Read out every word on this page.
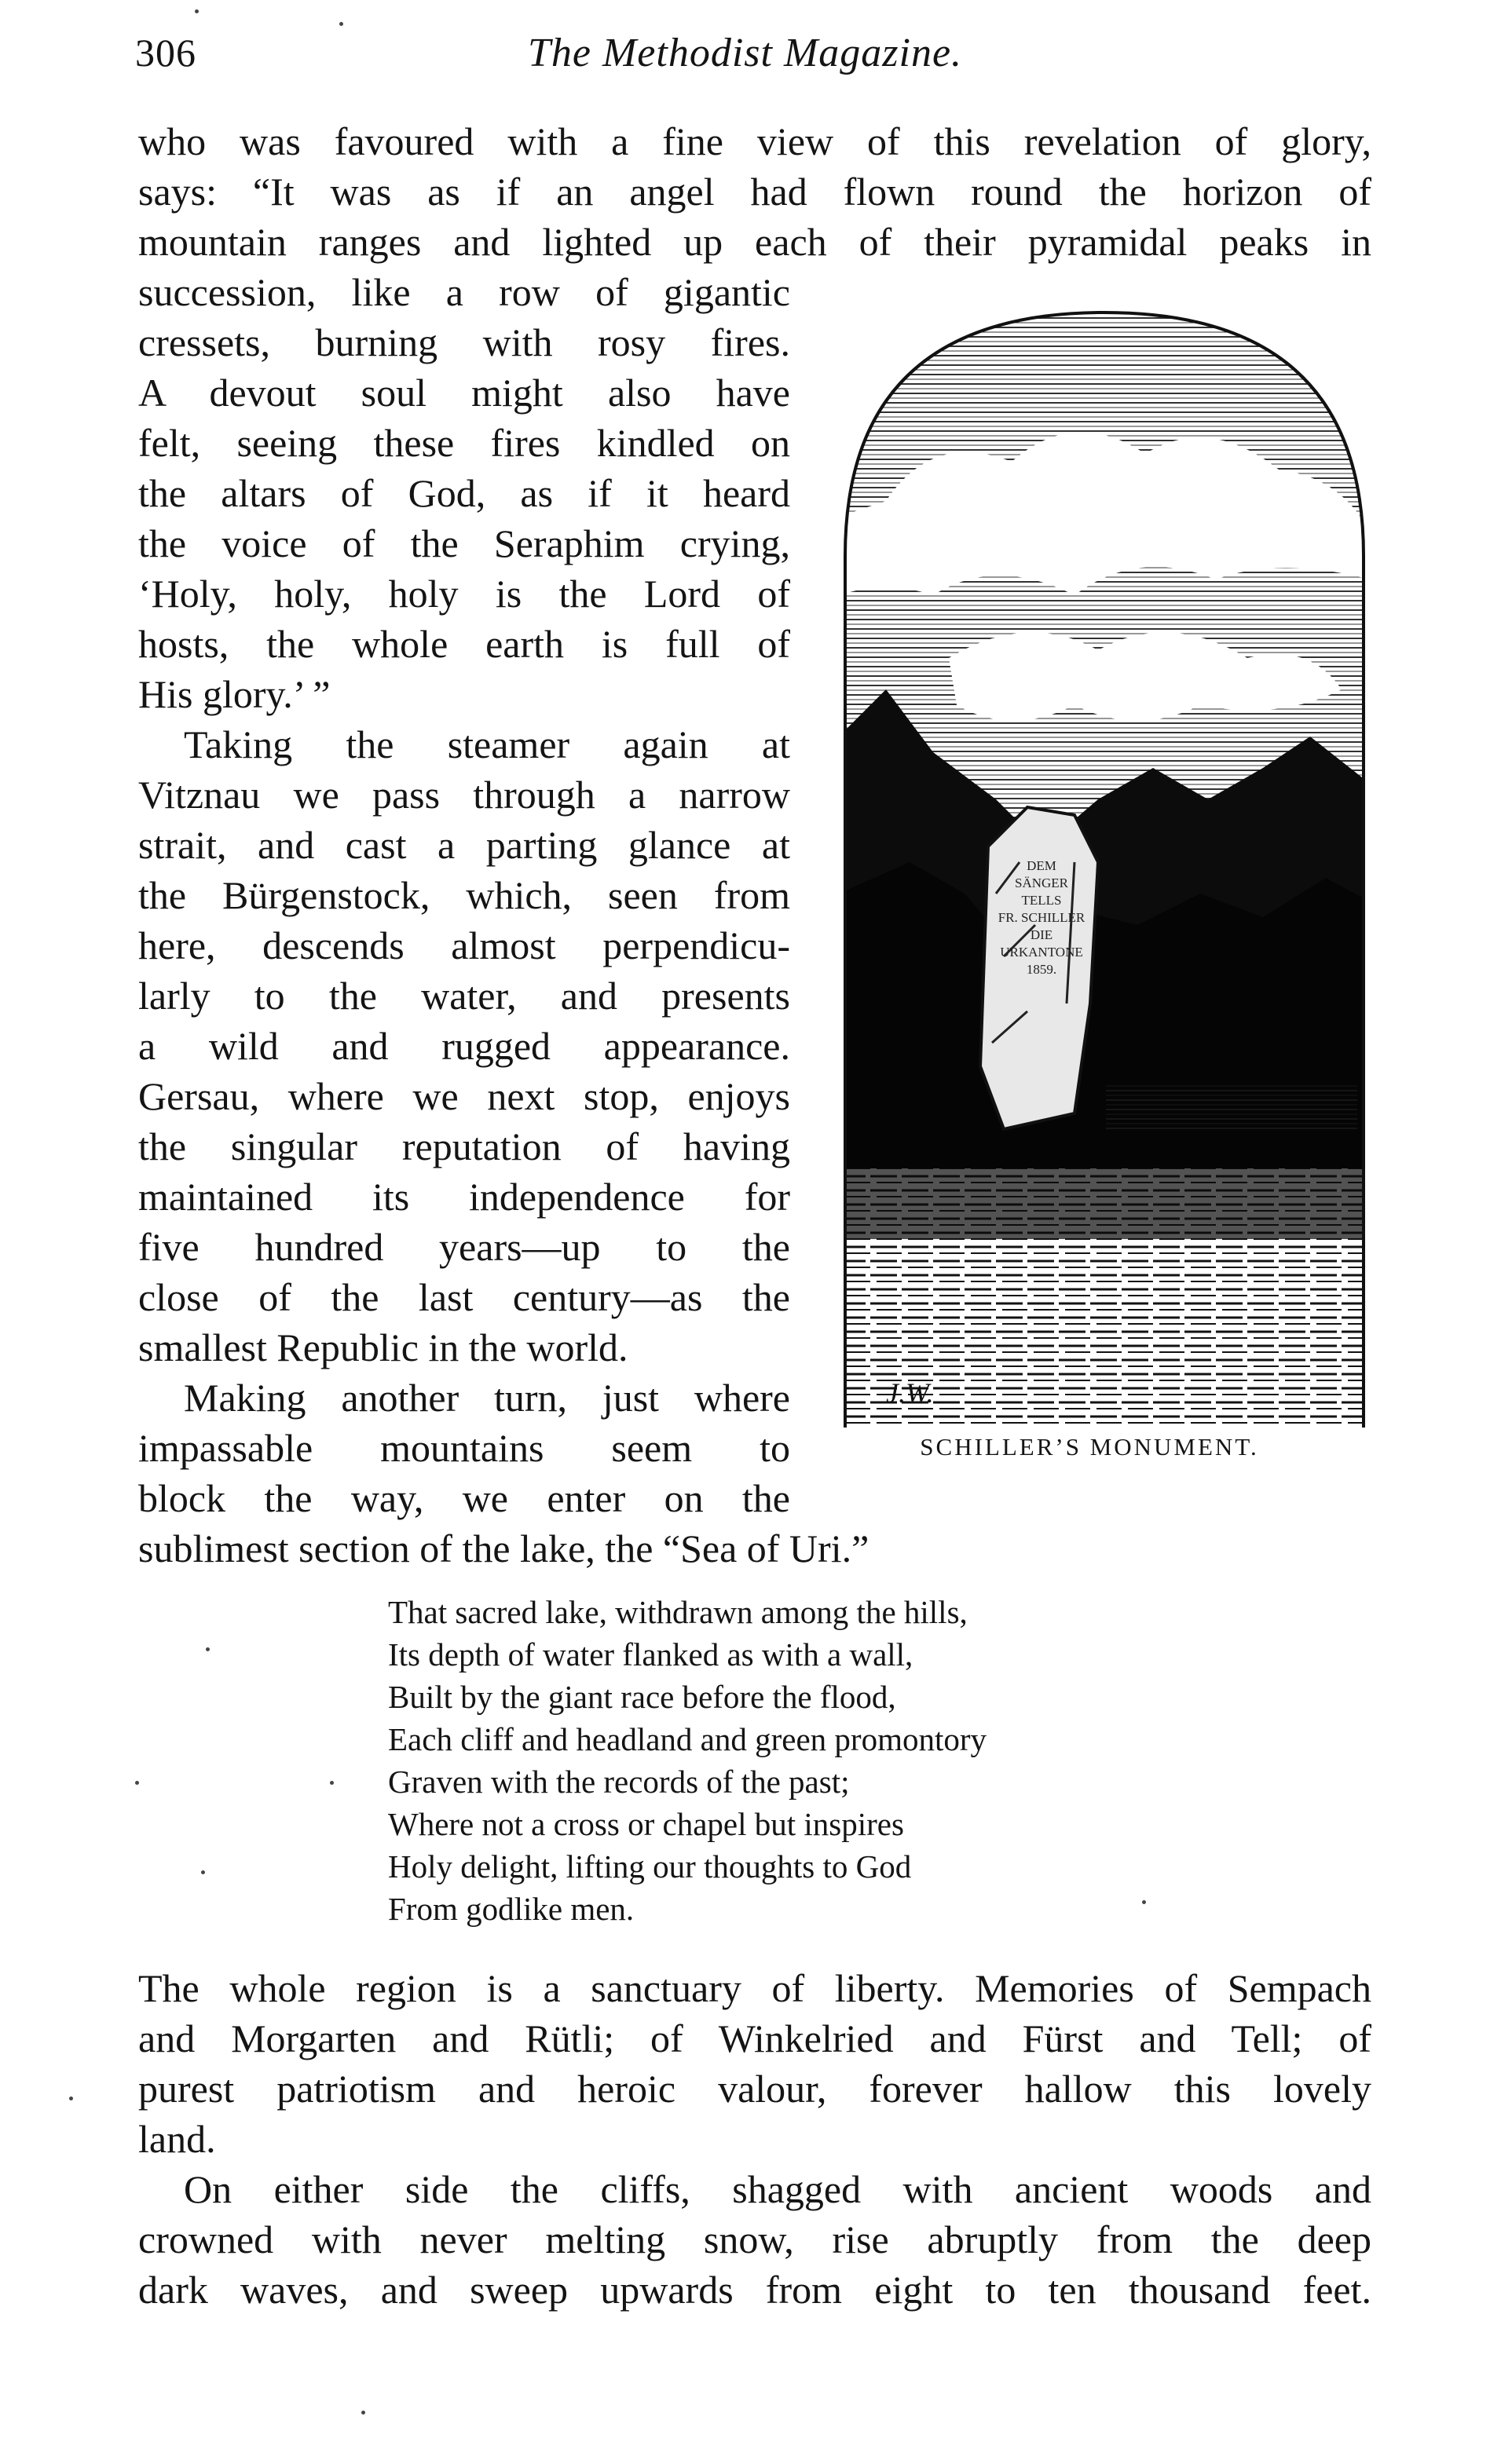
306	The Methodist Magazine.
who was favoured with a fine view of this revelation of glory,
says: “It was as if an angel had flown round the horizon of
mountain ranges and lighted up each of their pyramidal peaks in
succession, like a row of gigantic
cressets, burning with rosy fires.
A devout soul might also have
felt, seeing these fires kindled on
the altars of God, as if it heard
the voice of the Seraphim crying,
‘Holy, holy, holy is the Lord of
hosts, the whole earth is full of
His glory.’ ”
Taking the steamer again at
Vitznau we pass through a narrow
strait, and cast a parting glance at
the Bürgenstock, which, seen from
here, descends almost perpendicu-
larly to the water, and presents
a wild and rugged appearance.
Gersau, where we next stop, enjoys
the singular reputation of having
maintained its independence for
five hundred years—up to the
close of the last century—as the
smallest Republic in the world.
Making another turn, just where
impassable mountains seem to
block the way, we enter on the
sublimest section of the lake, the “Sea of Uri.”
DEM
SÄNGER
TELLS
FR. SCHILLER
DIE
URKANTONE
1859.
J.W.
SCHILLER’S MONUMENT.
That sacred lake, withdrawn among the hills,
Its depth of water flanked as with a wall,
Built by the giant race before the flood,
Each cliff and headland and green promontory
Graven with the records of the past;
Where not a cross or chapel but inspires
Holy delight, lifting our thoughts to God
From godlike men.
The whole region is a sanctuary of liberty. Memories of Sempach
and Morgarten and Rütli; of Winkelried and Fürst and Tell; of
purest patriotism and heroic valour, forever hallow this lovely
land.
On either side the cliffs, shagged with ancient woods and
crowned with never melting snow, rise abruptly from the deep
dark waves, and sweep upwards from eight to ten thousand feet.
